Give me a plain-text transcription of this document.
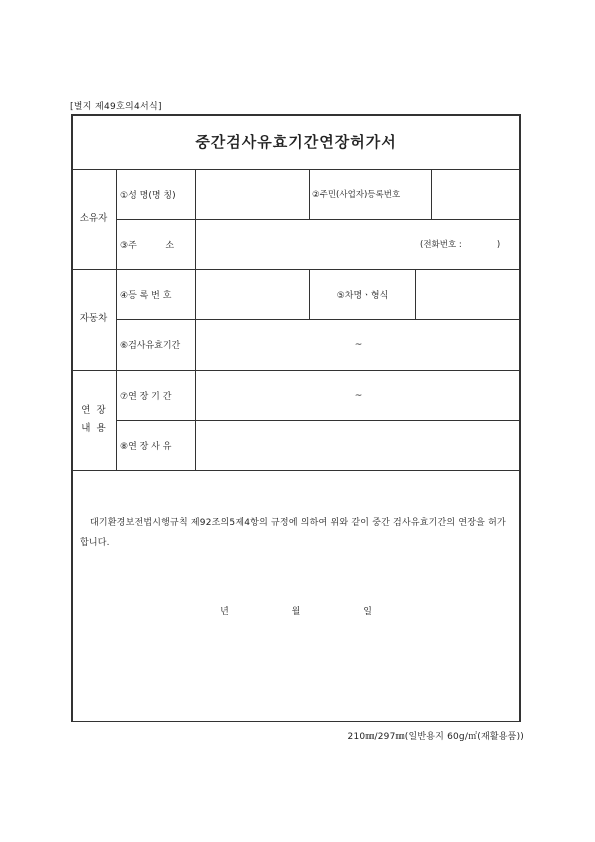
[별지 제49호의4서식]
중간검사유효기간연장허가서
소유자
①성 명(명 칭)	②주민(사업자)등록번호
③주          소	(전화번호 :             )
자동차
④등 록 번 호	⑤차명ㆍ형식
⑥검사유효기간	~
연  장
내  용
⑦연 장 기 간	~
⑧연 장 사 유
대기환경보전법시행규칙 제92조의5제4항의 규정에 의하여 위와 같이 중간 검사유효기간의 연장을 허가합니다.
년	월	일
210㎜/297㎜(일반용지 60g/㎡(재활용품))
